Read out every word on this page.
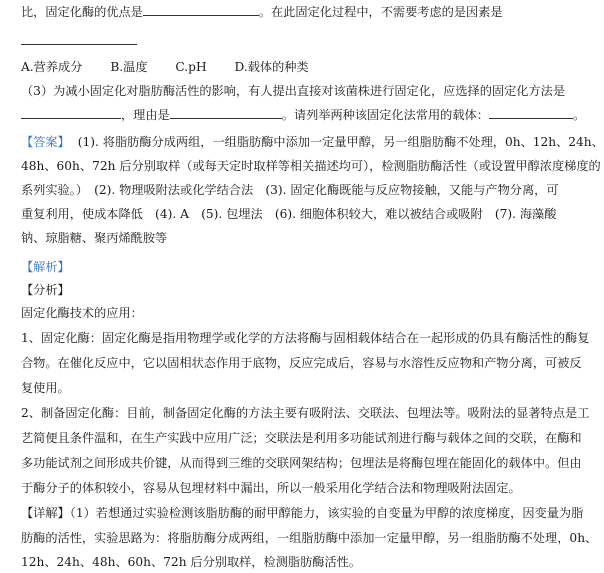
比，固定化酶的优点是	。在此固定化过程中，不需要考虑的是因素是
A.营养成分 B.温度 C.pH D.载体的种类
（3）为减小固定化对脂肪酶活性的影响，有人提出直接对该菌株进行固定化，应选择的固定化方法是
，理由是	。请列举两种该固定化法常用的载体：	。
【答案】 (1). 将脂肪酶分成两组，一组脂肪酶中添加一定量甲醇，另一组脂肪酶不处理，0h、12h、24h、
48h、60h、72h 后分别取样（或每天定时取样等相关描述均可），检测脂肪酶活性（或设置甲醇浓度梯度的
系列实验。）　(2). 物理吸附法或化学结合法　(3). 固定化酶既能与反应物接触，又能与产物分离，可
重复利用，使成本降低　(4). A　(5). 包埋法　(6). 细胞体积较大，难以被结合或吸附　(7). 海藻酸
钠、琼脂糖、聚丙烯酰胺等
【解析】
【分析】
固定化酶技术的应用：
1、固定化酶：固定化酶是指用物理学或化学的方法将酶与固相载体结合在一起形成的仍具有酶活性的酶复
合物。在催化反应中，它以固相状态作用于底物，反应完成后，容易与水溶性反应物和产物分离，可被反
复使用。
2、制备固定化酶：目前，制备固定化酶的方法主要有吸附法、交联法、包埋法等。吸附法的显著特点是工
艺简便且条件温和，在生产实践中应用广泛；交联法是利用多功能试剂进行酶与载体之间的交联，在酶和
多功能试剂之间形成共价键，从而得到三维的交联网架结构；包埋法是将酶包埋在能固化的载体中。但由
于酶分子的体积较小，容易从包埋材料中漏出，所以一般采用化学结合法和物理吸附法固定。
【详解】（1）若想通过实验检测该脂肪酶的耐甲醇能力，该实验的自变量为甲醇的浓度梯度，因变量为脂
肪酶的活性，实验思路为：将脂肪酶分成两组，一组脂肪酶中添加一定量甲醇，另一组脂肪酶不处理，0h、
12h、24h、48h、60h、72h 后分别取样，检测脂肪酶活性。
